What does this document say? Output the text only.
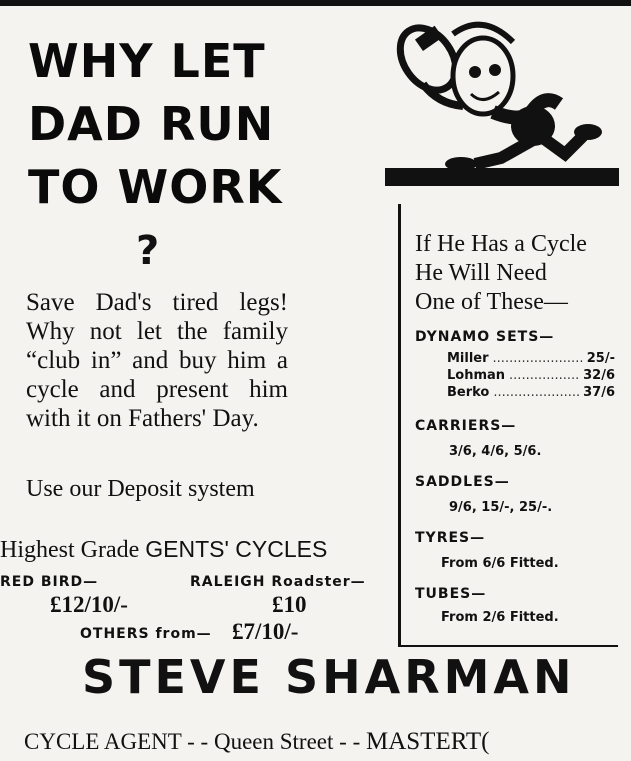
WHY LET
DAD RUN
TO WORK
?
Save Dad's tired legs! Why not let the family “club in” and buy him a cycle and present him with it on Fathers' Day.
Use our Deposit system
Highest Grade GENTS' CYCLES
RED BIRD—	RALEIGH Roadster—
£12/10/-	£10
OTHERS from— £7/10/-
If He Has a Cycle
He Will Need
One of These—
DYNAMO SETS—
Miller .....	25/-
Lohman .....	32/6
Berko .....	37/6
CARRIERS—
3/6, 4/6, 5/6.
SADDLES—
9/6, 15/-, 25/-.
TYRES—
From 6/6 Fitted.
TUBES—
From 2/6 Fitted.
STEVE SHARMAN
CYCLE AGENT - - Queen Street - - MASTERT(
